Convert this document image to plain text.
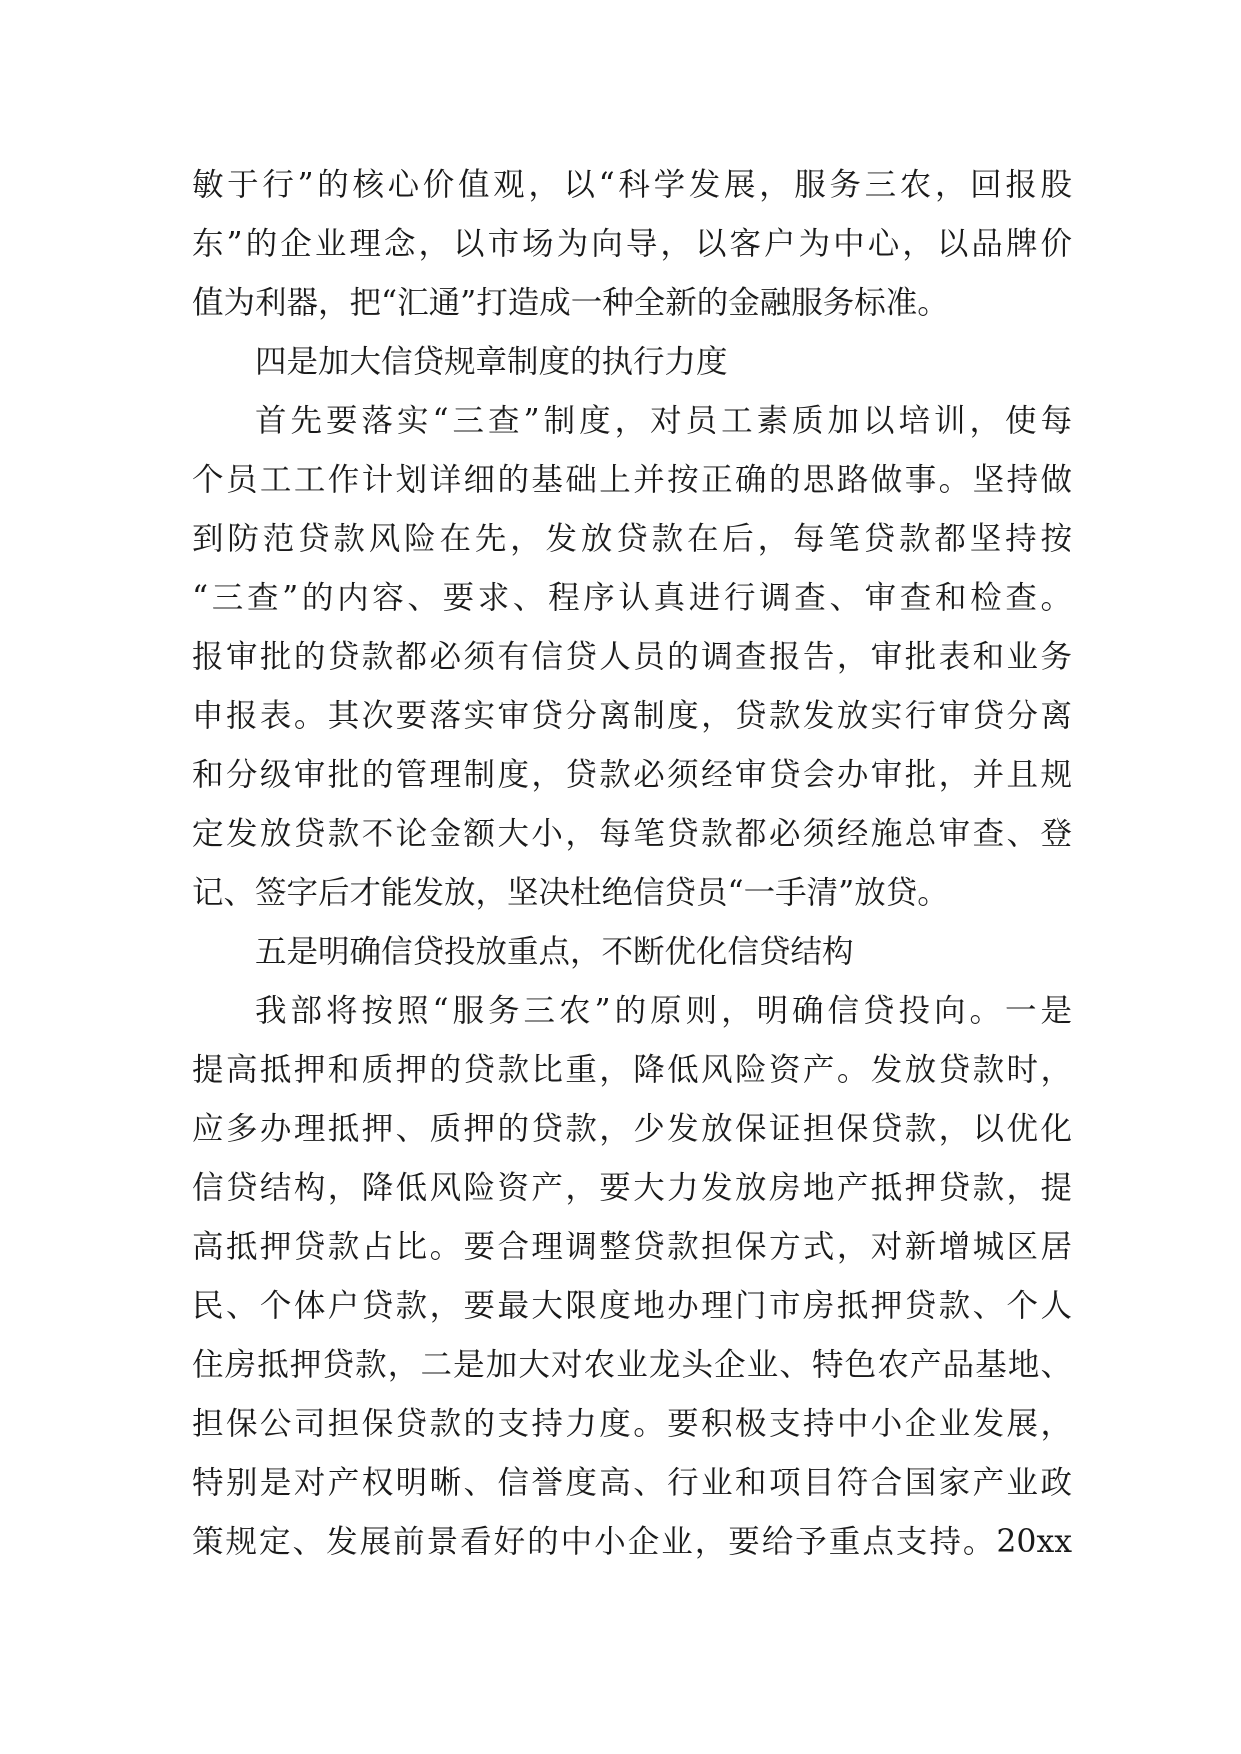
敏于行”的核心价值观，以“科学发展，服务三农，回报股
东”的企业理念，以市场为向导，以客户为中心，以品牌价
值为利器，把“汇通”打造成一种全新的金融服务标准。
四是加大信贷规章制度的执行力度
首先要落实“三查”制度，对员工素质加以培训，使每
个员工工作计划详细的基础上并按正确的思路做事。坚持做
到防范贷款风险在先，发放贷款在后，每笔贷款都坚持按
“三查”的内容、要求、程序认真进行调查、审查和检查。
报审批的贷款都必须有信贷人员的调查报告，审批表和业务
申报表。其次要落实审贷分离制度，贷款发放实行审贷分离
和分级审批的管理制度，贷款必须经审贷会办审批，并且规
定发放贷款不论金额大小，每笔贷款都必须经施总审查、登
记、签字后才能发放，坚决杜绝信贷员“一手清”放贷。
五是明确信贷投放重点，不断优化信贷结构
我部将按照“服务三农”的原则，明确信贷投向。一是
提高抵押和质押的贷款比重，降低风险资产。发放贷款时，
应多办理抵押、质押的贷款，少发放保证担保贷款，以优化
信贷结构，降低风险资产，要大力发放房地产抵押贷款，提
高抵押贷款占比。要合理调整贷款担保方式，对新增城区居
民、个体户贷款，要最大限度地办理门市房抵押贷款、个人
住房抵押贷款，二是加大对农业龙头企业、特色农产品基地、
担保公司担保贷款的支持力度。要积极支持中小企业发展，
特别是对产权明晰、信誉度高、行业和项目符合国家产业政
策规定、发展前景看好的中小企业，要给予重点支持。20xx
